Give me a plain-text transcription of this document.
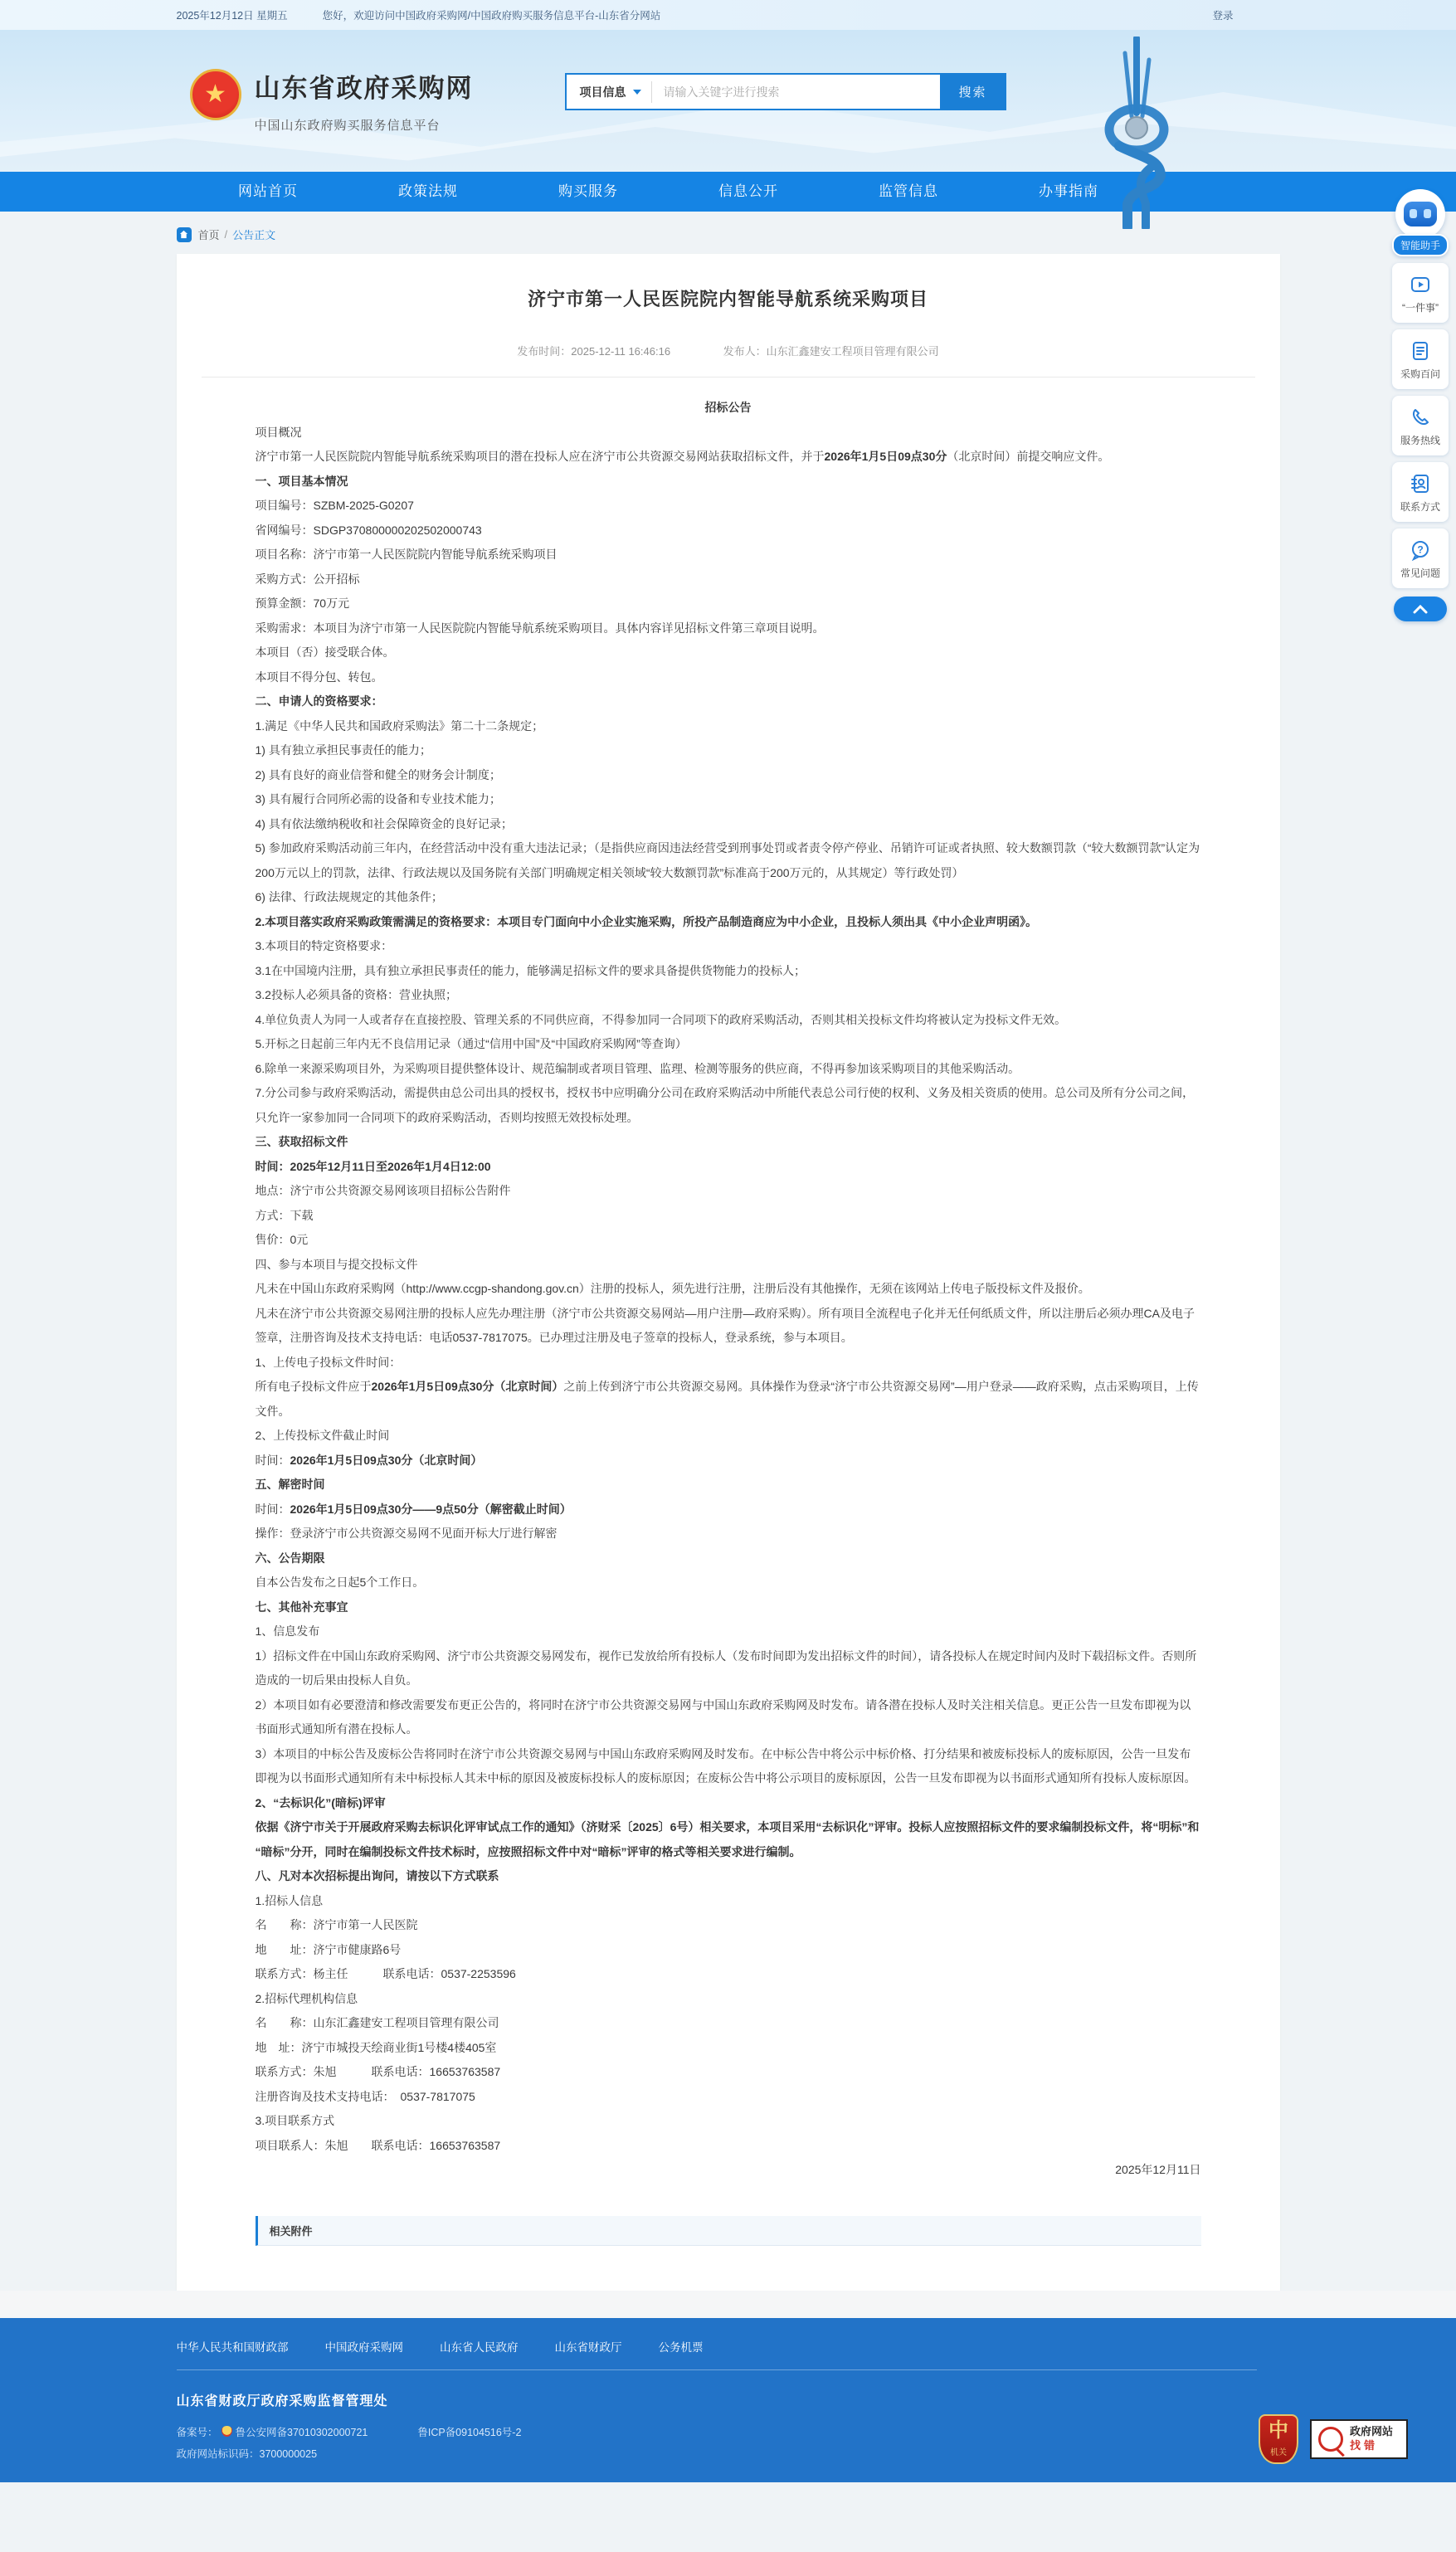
2025年12月12日 星期五	您好，欢迎访问中国政府采购网/中国政府购买服务信息平台-山东省分网站	登录
★ 山东省政府采购网
中国山东政府购买服务信息平台
项目信息
请输入关键字进行搜索	搜索
网站首页	政策法规	购买服务	信息公开	监管信息	办事指南
首页 / 公告正文
济宁市第一人民医院院内智能导航系统采购项目
发布时间：2025-12-11 16:46:16	发布人：山东汇鑫建安工程项目管理有限公司

招标公告

项目概况

济宁市第一人民医院院内智能导航系统采购项目的潜在投标人应在济宁市公共资源交易网站获取招标文件，并于2026年1月5日09点30分（北京时间）前提交响应文件。

一、项目基本情况

项目编号：SZBM-2025-G0207

省网编号：SDGP370800000202502000743

项目名称：济宁市第一人民医院院内智能导航系统采购项目

采购方式：公开招标

预算金额：70万元

采购需求：本项目为济宁市第一人民医院院内智能导航系统采购项目。具体内容详见招标文件第三章项目说明。

本项目（否）接受联合体。

本项目不得分包、转包。

二、申请人的资格要求：

1.满足《中华人民共和国政府采购法》第二十二条规定；

1) 具有独立承担民事责任的能力；

2) 具有良好的商业信誉和健全的财务会计制度；

3) 具有履行合同所必需的设备和专业技术能力；

4) 具有依法缴纳税收和社会保障资金的良好记录；

5) 参加政府采购活动前三年内，在经营活动中没有重大违法记录；（是指供应商因违法经营受到刑事处罚或者责令停产停业、吊销许可证或者执照、较大数额罚款（“较大数额罚款”认定为200万元以上的罚款，法律、行政法规以及国务院有关部门明确规定相关领域“较大数额罚款”标准高于200万元的，从其规定）等行政处罚）

6) 法律、行政法规规定的其他条件；

2.本项目落实政府采购政策需满足的资格要求：本项目专门面向中小企业实施采购，所投产品制造商应为中小企业，且投标人须出具《中小企业声明函》。

3.本项目的特定资格要求：

3.1在中国境内注册，具有独立承担民事责任的能力，能够满足招标文件的要求具备提供货物能力的投标人；

3.2投标人必须具备的资格：营业执照；

4.单位负责人为同一人或者存在直接控股、管理关系的不同供应商，不得参加同一合同项下的政府采购活动，否则其相关投标文件均将被认定为投标文件无效。

5.开标之日起前三年内无不良信用记录（通过“信用中国”及“中国政府采购网”等查询）

6.除单一来源采购项目外，为采购项目提供整体设计、规范编制或者项目管理、监理、检测等服务的供应商，不得再参加该采购项目的其他采购活动。

7.分公司参与政府采购活动，需提供由总公司出具的授权书，授权书中应明确分公司在政府采购活动中所能代表总公司行使的权利、义务及相关资质的使用。总公司及所有分公司之间，只允许一家参加同一合同项下的政府采购活动，否则均按照无效投标处理。

三、获取招标文件

时间：2025年12月11日至2026年1月4日12:00

地点：济宁市公共资源交易网该项目招标公告附件

方式：下载

售价：0元

四、参与本项目与提交投标文件

凡未在中国山东政府采购网（http://www.ccgp-shandong.gov.cn）注册的投标人，须先进行注册，注册后没有其他操作，无须在该网站上传电子版投标文件及报价。

凡未在济宁市公共资源交易网注册的投标人应先办理注册（济宁市公共资源交易网站—用户注册—政府采购）。所有项目全流程电子化并无任何纸质文件，所以注册后必须办理CA及电子签章，注册咨询及技术支持电话：电话0537-7817075。已办理过注册及电子签章的投标人，登录系统，参与本项目。

1、上传电子投标文件时间：

所有电子投标文件应于2026年1月5日09点30分（北京时间）之前上传到济宁市公共资源交易网。具体操作为登录“济宁市公共资源交易网”—用户登录——政府采购，点击采购项目，上传文件。

2、上传投标文件截止时间

时间：2026年1月5日09点30分（北京时间）

五、解密时间

时间：2026年1月5日09点30分——9点50分（解密截止时间）

操作：登录济宁市公共资源交易网不见面开标大厅进行解密

六、公告期限

自本公告发布之日起5个工作日。

七、其他补充事宜

1、信息发布

1）招标文件在中国山东政府采购网、济宁市公共资源交易网发布，视作已发放给所有投标人（发布时间即为发出招标文件的时间），请各投标人在规定时间内及时下载招标文件。否则所造成的一切后果由投标人自负。

2）本项目如有必要澄清和修改需要发布更正公告的，将同时在济宁市公共资源交易网与中国山东政府采购网及时发布。请各潜在投标人及时关注相关信息。更正公告一旦发布即视为以书面形式通知所有潜在投标人。

3）本项目的中标公告及废标公告将同时在济宁市公共资源交易网与中国山东政府采购网及时发布。在中标公告中将公示中标价格、打分结果和被废标投标人的废标原因，公告一旦发布即视为以书面形式通知所有未中标投标人其未中标的原因及被废标投标人的废标原因；在废标公告中将公示项目的废标原因，公告一旦发布即视为以书面形式通知所有投标人废标原因。

2、“去标识化”(暗标)评审

依据《济宁市关于开展政府采购去标识化评审试点工作的通知》（济财采〔2025〕6号）相关要求，本项目采用“去标识化”评审。投标人应按照招标文件的要求编制投标文件，将“明标”和“暗标”分开，同时在编制投标文件技术标时，应按照招标文件中对“暗标”评审的格式等相关要求进行编制。

八、凡对本次招标提出询问，请按以下方式联系

1.招标人信息

名　　称：济宁市第一人民医院

地　　址：济宁市健康路6号

联系方式：杨主任　　　联系电话：0537-2253596

2.招标代理机构信息

名　　称：山东汇鑫建安工程项目管理有限公司

地　址：济宁市城投天绘商业街1号楼4楼405室

联系方式：朱旭　　　联系电话：16653763587

注册咨询及技术支持电话：　0537-7817075

3.项目联系方式

项目联系人：朱旭　　联系电话：16653763587

2025年12月11日

相关附件
中华人民共和国财政部	中国政府采购网	山东省人民政府	山东省财政厅	公务机票
山东省财政厅政府采购监督管理处
备案号： 鲁公安网备37010302000721	鲁ICP备09104516号-2
政府网站标识码：3700000025
中
机关
政府网站
找错
智能助手
“一件事”
采购百问
服务热线
联系方式
?
常见问题
